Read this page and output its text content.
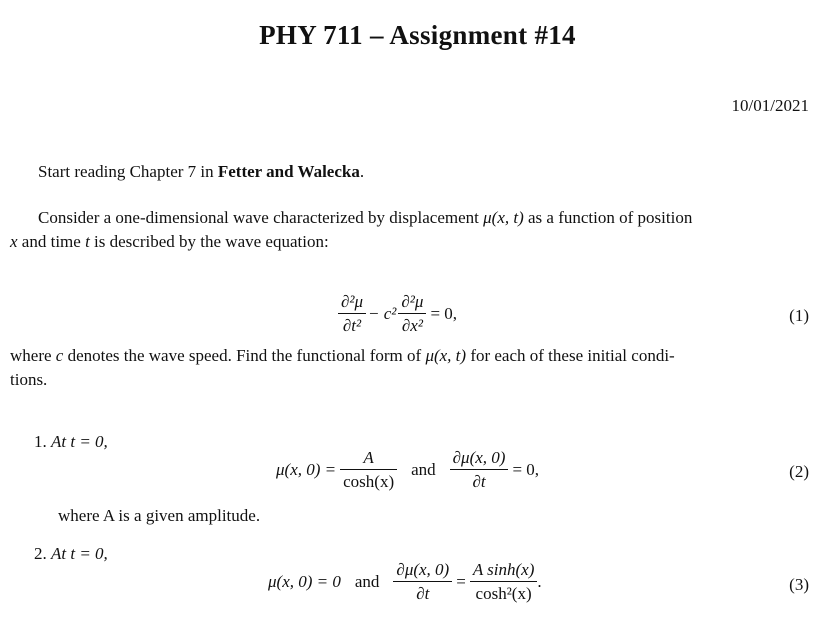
PHY 711 – Assignment #14
10/01/2021
Start reading Chapter 7 in Fetter and Walecka.
Consider a one-dimensional wave characterized by displacement μ(x, t) as a function of position
x and time t is described by the wave equation:
$\frac{\text{∂²μ}}{\text{∂t²}} - c^2 \frac{\text{∂²μ}}{\text{∂x²}} = 0$,	(1)
where c denotes the wave speed. Find the functional form of μ(x, t) for each of these initial condi-
tions.
1. At t = 0,
μ(x, $0) = \frac{A}{\cosh(x)}$ and $\frac{\partial\mu(x, 0)}{\partial t} = 0$,	(2)
where A is a given amplitude.
2. At t = 0,
μ(x, 0) = 0 and $\frac{\partial\mu(x, 0)}{\partial t} = \frac{\text{A sinh(x)}}{\text{cosh²(x)}}$ .	(3)
